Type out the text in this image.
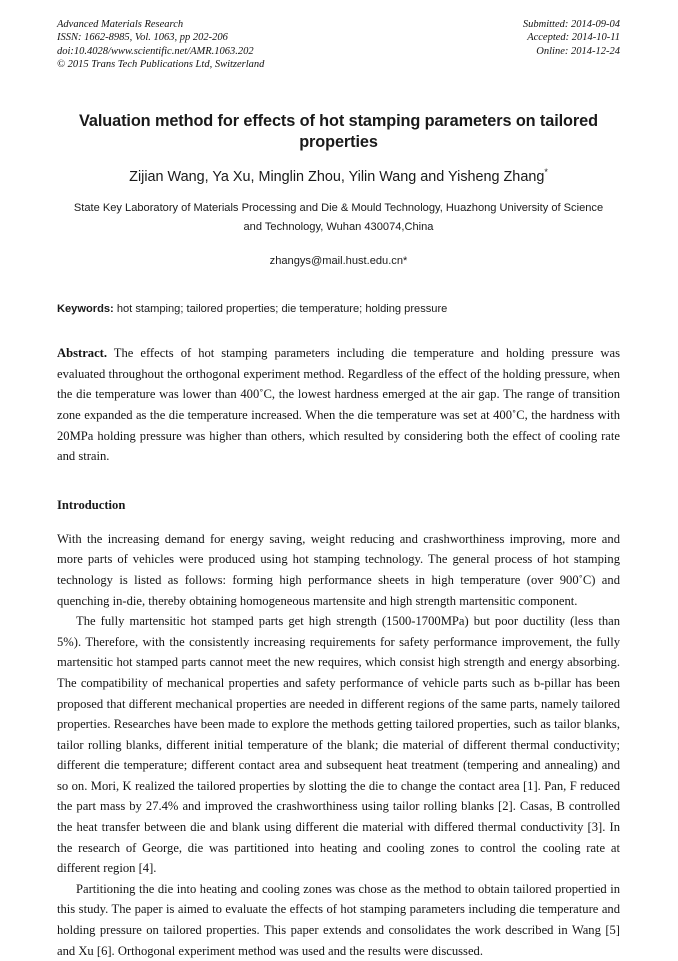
Advanced Materials Research
ISSN: 1662-8985, Vol. 1063, pp 202-206
doi:10.4028/www.scientific.net/AMR.1063.202
© 2015 Trans Tech Publications Ltd, Switzerland
Submitted: 2014-09-04
Accepted: 2014-10-11
Online: 2014-12-24
Valuation method for effects of hot stamping parameters on tailored properties
Zijian Wang, Ya Xu, Minglin Zhou, Yilin Wang and Yisheng Zhang*
State Key Laboratory of Materials Processing and Die & Mould Technology, Huazhong University of Science and Technology, Wuhan 430074,China
zhangys@mail.hust.edu.cn*
Keywords: hot stamping; tailored properties; die temperature; holding pressure

Abstract. The effects of hot stamping parameters including die temperature and holding pressure was evaluated throughout the orthogonal experiment method. Regardless of the effect of the holding pressure, when the die temperature was lower than 400˚C, the lowest hardness emerged at the air gap. The range of transition zone expanded as the die temperature increased. When the die temperature was set at 400˚C, the hardness with 20MPa holding pressure was higher than others, which resulted by considering both the effect of cooling rate and strain.

Introduction

With the increasing demand for energy saving, weight reducing and crashworthiness improving, more and more parts of vehicles were produced using hot stamping technology. The general process of hot stamping technology is listed as follows: forming high performance sheets in high temperature (over 900˚C) and quenching in-die, thereby obtaining homogeneous martensite and high strength martensitic component.

The fully martensitic hot stamped parts get high strength (1500-1700MPa) but poor ductility (less than 5%). Therefore, with the consistently increasing requirements for safety performance improvement, the fully martensitic hot stamped parts cannot meet the new requires, which consist high strength and energy absorbing. The compatibility of mechanical properties and safety performance of vehicle parts such as b-pillar has been proposed that different mechanical properties are needed in different regions of the same parts, namely tailored properties. Researches have been made to explore the methods getting tailored properties, such as tailor blanks, tailor rolling blanks, different initial temperature of the blank; die material of different thermal conductivity; different die temperature; different contact area and subsequent heat treatment (tempering and annealing) and so on. Mori, K realized the tailored properties by slotting the die to change the contact area [1]. Pan, F reduced the part mass by 27.4% and improved the crashworthiness using tailor rolling blanks [2]. Casas, B controlled the heat transfer between die and blank using different die material with differed thermal conductivity [3]. In the research of George, die was partitioned into heating and cooling zones to control the cooling rate at different region [4].

Partitioning the die into heating and cooling zones was chose as the method to obtain tailored propertied in this study. The paper is aimed to evaluate the effects of hot stamping parameters including die temperature and holding pressure on tailored properties. This paper extends and consolidates the work described in Wang [5] and Xu [6]. Orthogonal experiment method was used and the results were discussed.
